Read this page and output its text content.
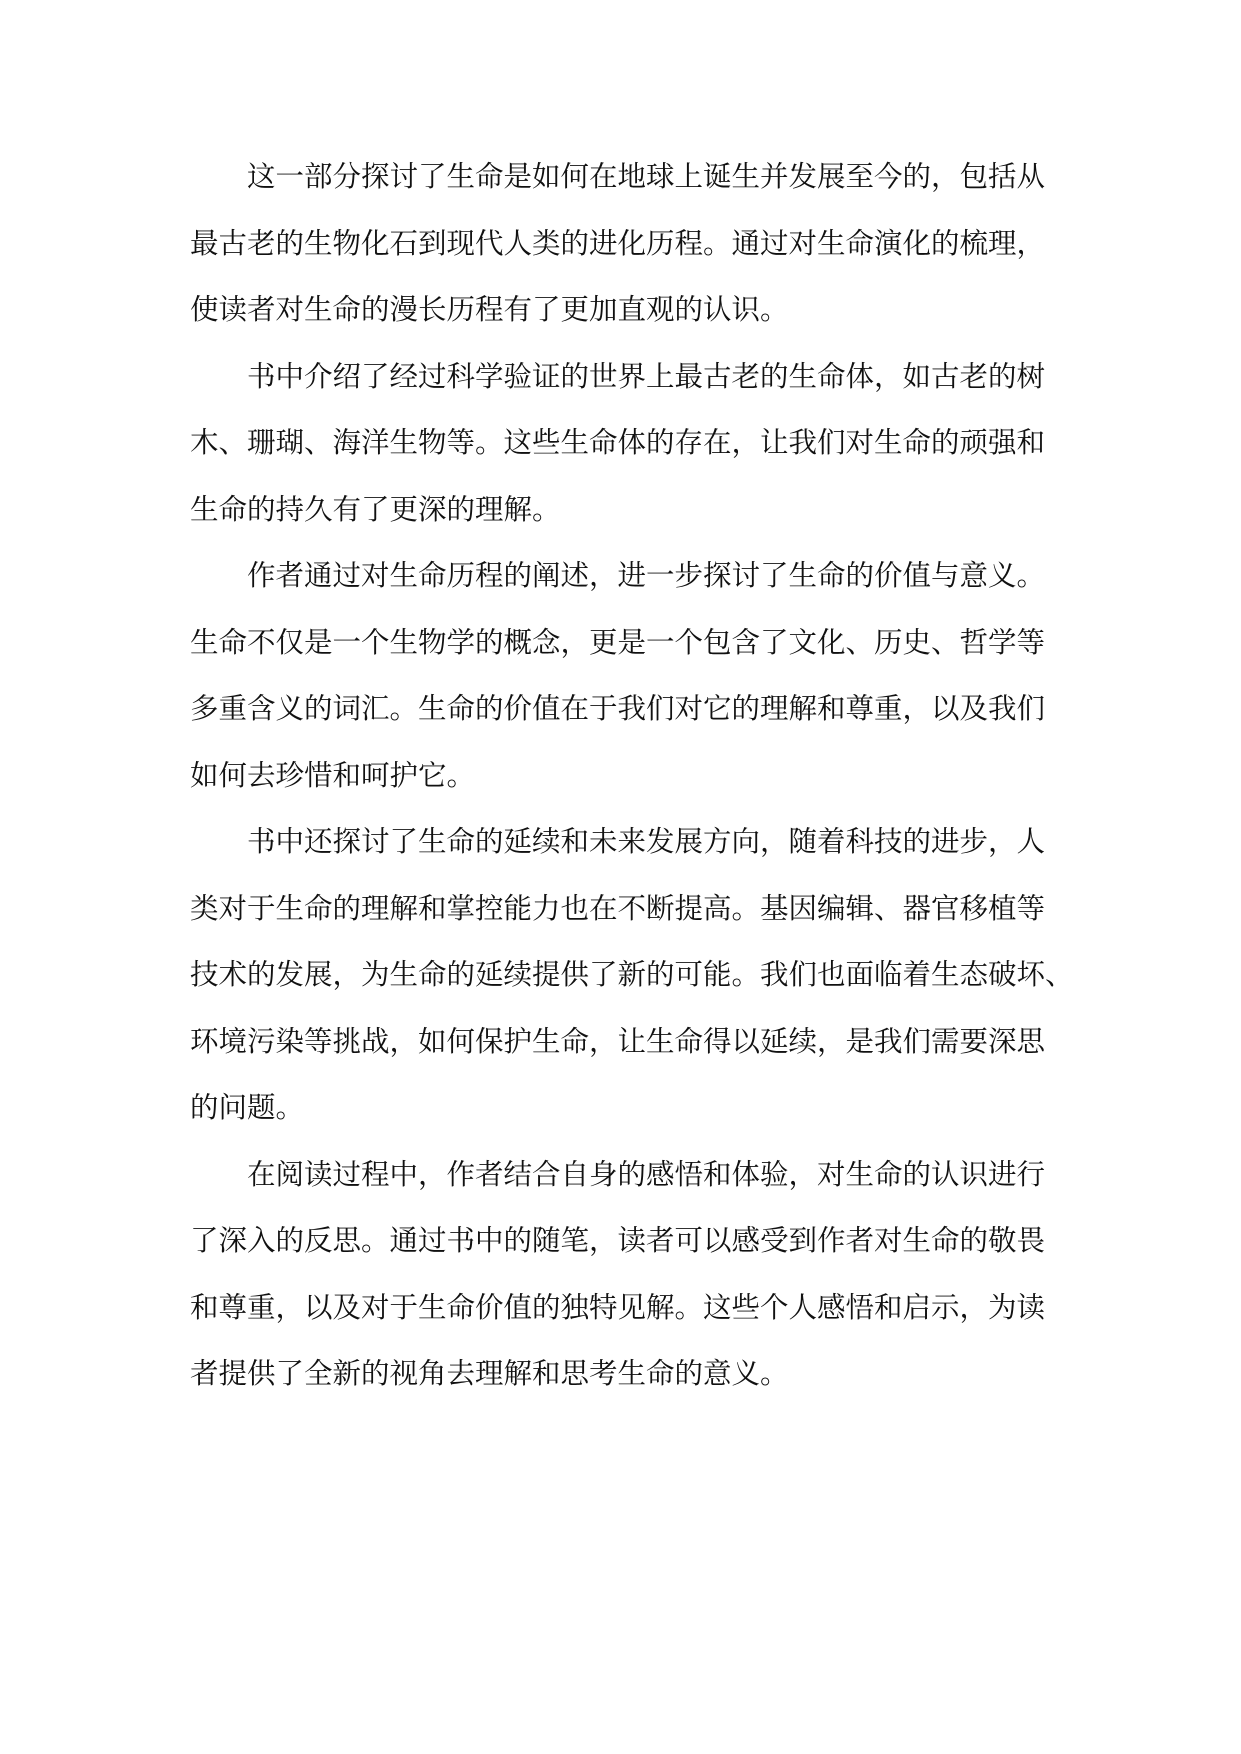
这一部分探讨了生命是如何在地球上诞生并发展至今的，包括从
最古老的生物化石到现代人类的进化历程。通过对生命演化的梳理，
使读者对生命的漫长历程有了更加直观的认识。

书中介绍了经过科学验证的世界上最古老的生命体，如古老的树
木、珊瑚、海洋生物等。这些生命体的存在，让我们对生命的顽强和
生命的持久有了更深的理解。

作者通过对生命历程的阐述，进一步探讨了生命的价值与意义。
生命不仅是一个生物学的概念，更是一个包含了文化、历史、哲学等
多重含义的词汇。生命的价值在于我们对它的理解和尊重，以及我们
如何去珍惜和呵护它。

书中还探讨了生命的延续和未来发展方向，随着科技的进步，人
类对于生命的理解和掌控能力也在不断提高。基因编辑、器官移植等
技术的发展，为生命的延续提供了新的可能。我们也面临着生态破坏、
环境污染等挑战，如何保护生命，让生命得以延续，是我们需要深思
的问题。

在阅读过程中，作者结合自身的感悟和体验，对生命的认识进行
了深入的反思。通过书中的随笔，读者可以感受到作者对生命的敬畏
和尊重，以及对于生命价值的独特见解。这些个人感悟和启示，为读
者提供了全新的视角去理解和思考生命的意义。
